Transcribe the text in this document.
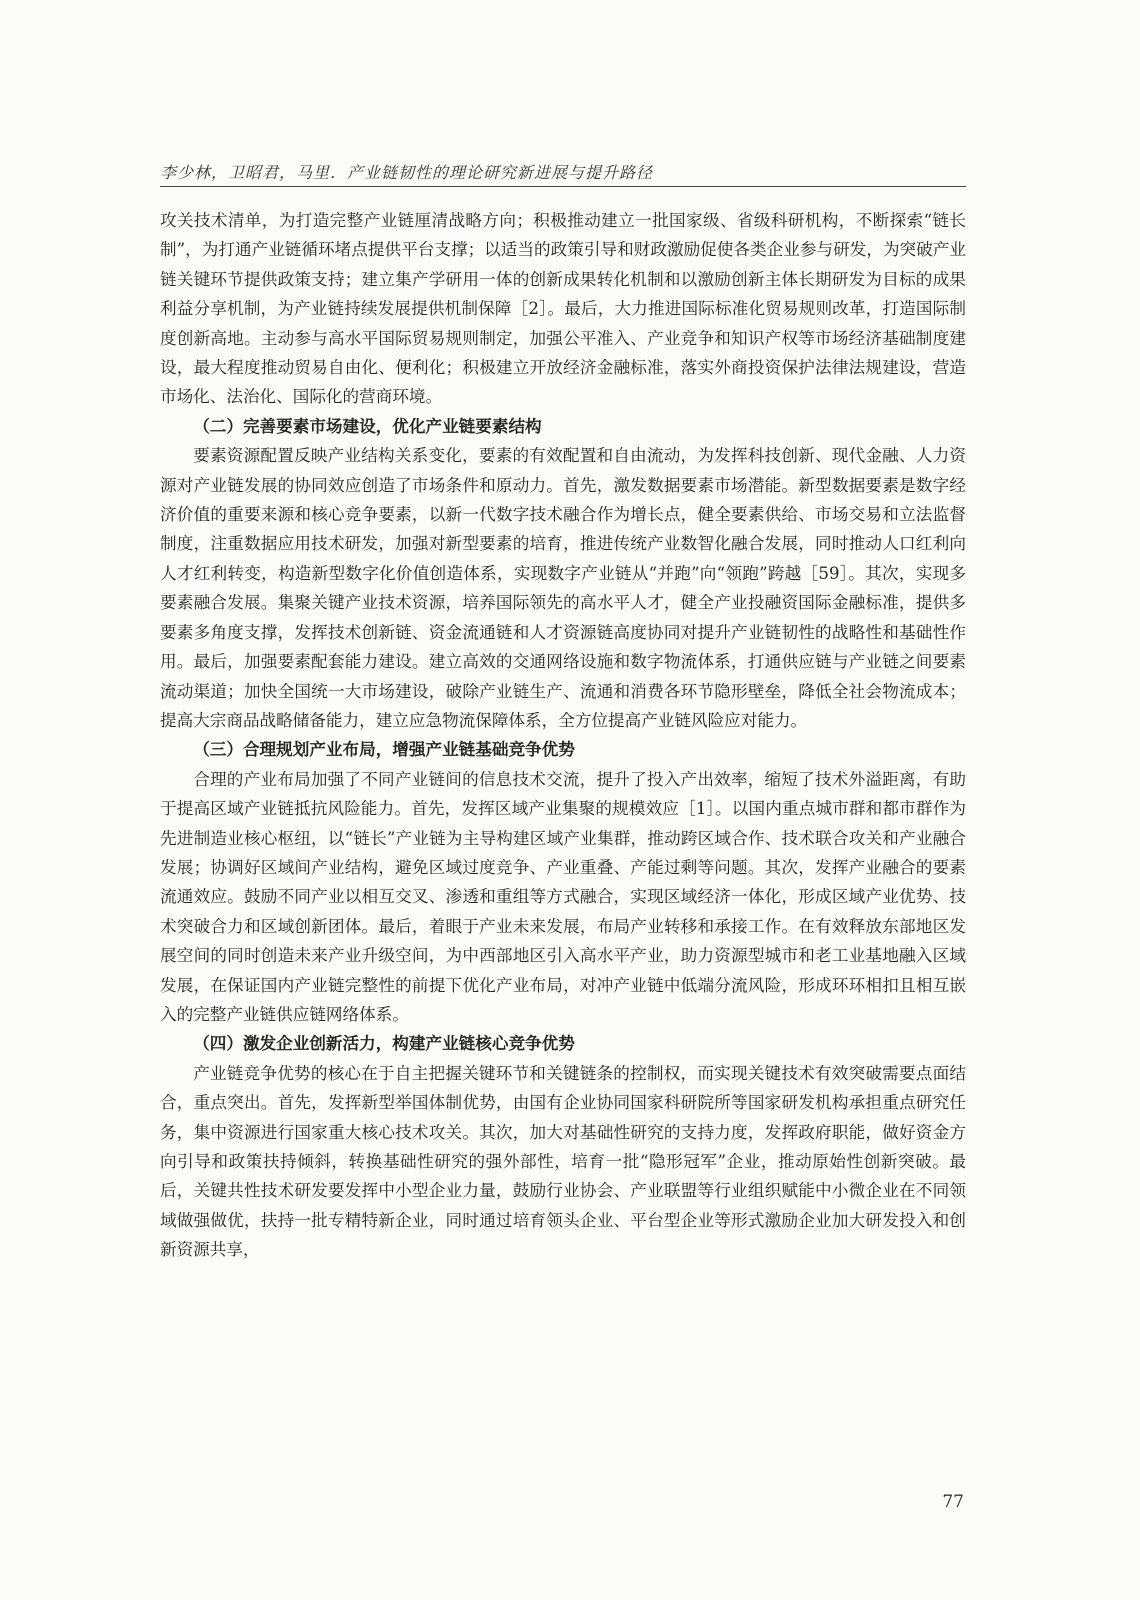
李少林，卫昭君，马里．产业链韧性的理论研究新进展与提升路径

攻关技术清单，为打造完整产业链厘清战略方向；积极推动建立一批国家级、省级科研机构，不断探索“链长制”，为打通产业链循环堵点提供平台支撑；以适当的政策引导和财政激励促使各类企业参与研发，为突破产业链关键环节提供政策支持；建立集产学研用一体的创新成果转化机制和以激励创新主体长期研发为目标的成果利益分享机制，为产业链持续发展提供机制保障［2］。最后，大力推进国际标准化贸易规则改革，打造国际制度创新高地。主动参与高水平国际贸易规则制定，加强公平准入、产业竞争和知识产权等市场经济基础制度建设，最大程度推动贸易自由化、便利化；积极建立开放经济金融标准，落实外商投资保护法律法规建设，营造市场化、法治化、国际化的营商环境。

（二）完善要素市场建设，优化产业链要素结构

要素资源配置反映产业结构关系变化，要素的有效配置和自由流动，为发挥科技创新、现代金融、人力资源对产业链发展的协同效应创造了市场条件和原动力。首先，激发数据要素市场潜能。新型数据要素是数字经济价值的重要来源和核心竞争要素，以新一代数字技术融合作为增长点，健全要素供给、市场交易和立法监督制度，注重数据应用技术研发，加强对新型要素的培育，推进传统产业数智化融合发展，同时推动人口红利向人才红利转变，构造新型数字化价值创造体系，实现数字产业链从“并跑”向“领跑”跨越［59］。其次，实现多要素融合发展。集聚关键产业技术资源，培养国际领先的高水平人才，健全产业投融资国际金融标准，提供多要素多角度支撑，发挥技术创新链、资金流通链和人才资源链高度协同对提升产业链韧性的战略性和基础性作用。最后，加强要素配套能力建设。建立高效的交通网络设施和数字物流体系，打通供应链与产业链之间要素流动渠道；加快全国统一大市场建设，破除产业链生产、流通和消费各环节隐形壁垒，降低全社会物流成本；提高大宗商品战略储备能力，建立应急物流保障体系，全方位提高产业链风险应对能力。

（三）合理规划产业布局，增强产业链基础竞争优势

合理的产业布局加强了不同产业链间的信息技术交流，提升了投入产出效率，缩短了技术外溢距离，有助于提高区域产业链抵抗风险能力。首先，发挥区域产业集聚的规模效应［1］。以国内重点城市群和都市群作为先进制造业核心枢纽，以“链长”产业链为主导构建区域产业集群，推动跨区域合作、技术联合攻关和产业融合发展；协调好区域间产业结构，避免区域过度竞争、产业重叠、产能过剩等问题。其次，发挥产业融合的要素流通效应。鼓励不同产业以相互交叉、渗透和重组等方式融合，实现区域经济一体化，形成区域产业优势、技术突破合力和区域创新团体。最后，着眼于产业未来发展，布局产业转移和承接工作。在有效释放东部地区发展空间的同时创造未来产业升级空间，为中西部地区引入高水平产业，助力资源型城市和老工业基地融入区域发展，在保证国内产业链完整性的前提下优化产业布局，对冲产业链中低端分流风险，形成环环相扣且相互嵌入的完整产业链供应链网络体系。

（四）激发企业创新活力，构建产业链核心竞争优势

产业链竞争优势的核心在于自主把握关键环节和关键链条的控制权，而实现关键技术有效突破需要点面结合，重点突出。首先，发挥新型举国体制优势，由国有企业协同国家科研院所等国家研发机构承担重点研究任务，集中资源进行国家重大核心技术攻关。其次，加大对基础性研究的支持力度，发挥政府职能，做好资金方向引导和政策扶持倾斜，转换基础性研究的强外部性，培育一批“隐形冠军”企业，推动原始性创新突破。最后，关键共性技术研发要发挥中小型企业力量，鼓励行业协会、产业联盟等行业组织赋能中小微企业在不同领域做强做优，扶持一批专精特新企业，同时通过培育领头企业、平台型企业等形式激励企业加大研发投入和创新资源共享，

77
